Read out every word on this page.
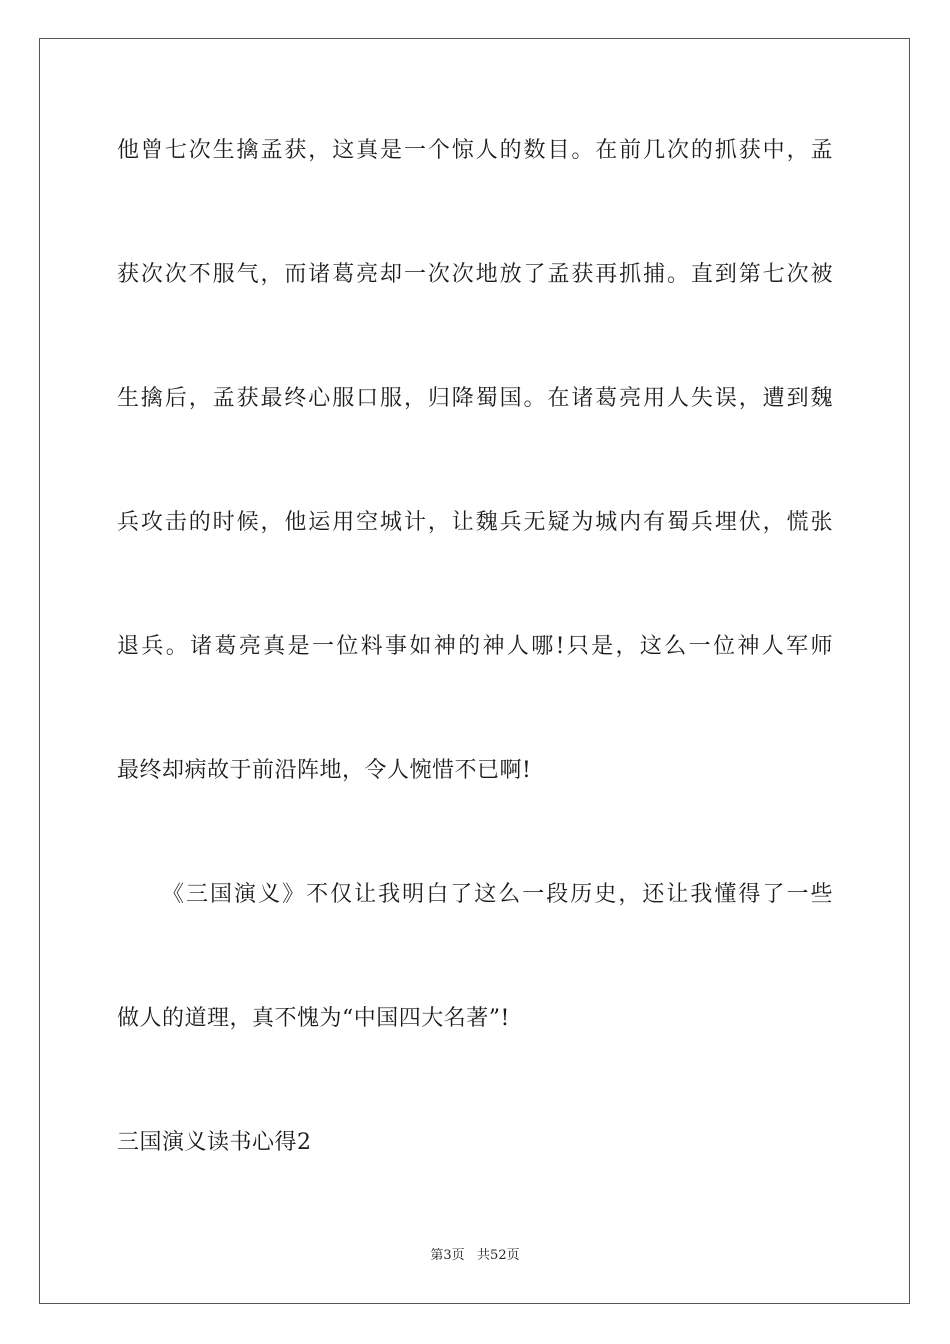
他曾七次生擒孟获，这真是一个惊人的数目。在前几次的抓获中，孟
获次次不服气，而诸葛亮却一次次地放了孟获再抓捕。直到第七次被
生擒后，孟获最终心服口服，归降蜀国。在诸葛亮用人失误，遭到魏
兵攻击的时候，他运用空城计，让魏兵无疑为城内有蜀兵埋伏，慌张
退兵。诸葛亮真是一位料事如神的神人哪!只是，这么一位神人军师
最终却病故于前沿阵地，令人惋惜不已啊!
《三国演义》不仅让我明白了这么一段历史，还让我懂得了一些
做人的道理，真不愧为“中国四大名著”!
三国演义读书心得2
第3页   共52页
